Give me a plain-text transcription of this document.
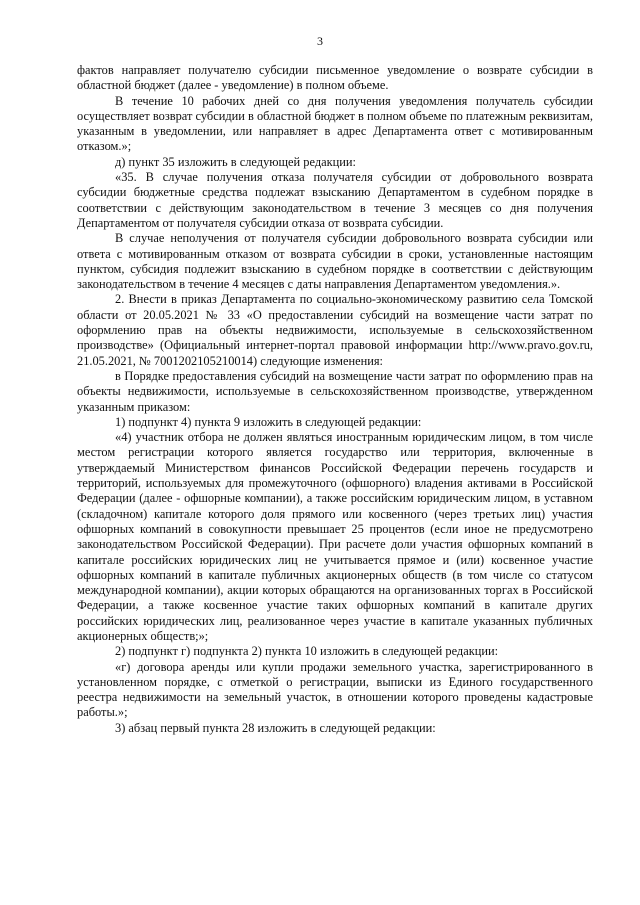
3

фактов направляет получателю субсидии письменное уведомление о возврате субсидии в областной бюджет (далее - уведомление) в полном объеме.

В течение 10 рабочих дней со дня получения уведомления получатель субсидии осуществляет возврат субсидии в областной бюджет в полном объеме по платежным реквизитам, указанным в уведомлении, или направляет в адрес Департамента ответ с мотивированным отказом.»;

д) пункт 35 изложить в следующей редакции:

«35. В случае получения отказа получателя субсидии от добровольного возврата субсидии бюджетные средства подлежат взысканию Департаментом в судебном порядке в соответствии с действующим законодательством в течение 3 месяцев со дня получения Департаментом от получателя субсидии отказа от возврата субсидии.

В случае неполучения от получателя субсидии добровольного возврата субсидии или ответа с мотивированным отказом от возврата субсидии в сроки, установленные настоящим пунктом, субсидия подлежит взысканию в судебном порядке в соответствии с действующим законодательством в течение 4 месяцев с даты направления Департаментом уведомления.».

2. Внести в приказ Департамента по социально-экономическому развитию села Томской области от 20.05.2021 № 33 «О предоставлении субсидий на возмещение части затрат по оформлению прав на объекты недвижимости, используемые в сельскохозяйственном производстве» (Официальный интернет-портал правовой информации http://www.pravo.gov.ru, 21.05.2021, № 7001202105210014) следующие изменения:

в Порядке предоставления субсидий на возмещение части затрат по оформлению прав на объекты недвижимости, используемые в сельскохозяйственном производстве, утвержденном указанным приказом:

1) подпункт 4) пункта 9 изложить в следующей редакции:

«4) участник отбора не должен являться иностранным юридическим лицом, в том числе местом регистрации которого является государство или территория, включенные в утверждаемый Министерством финансов Российской Федерации перечень государств и территорий, используемых для промежуточного (офшорного) владения активами в Российской Федерации (далее - офшорные компании), а также российским юридическим лицом, в уставном (складочном) капитале которого доля прямого или косвенного (через третьих лиц) участия офшорных компаний в совокупности превышает 25 процентов (если иное не предусмотрено законодательством Российской Федерации). При расчете доли участия офшорных компаний в капитале российских юридических лиц не учитывается прямое и (или) косвенное участие офшорных компаний в капитале публичных акционерных обществ (в том числе со статусом международной компании), акции которых обращаются на организованных торгах в Российской Федерации, а также косвенное участие таких офшорных компаний в капитале других российских юридических лиц, реализованное через участие в капитале указанных публичных акционерных обществ;»;

2) подпункт г) подпункта 2) пункта 10 изложить в следующей редакции:

«г) договора аренды или купли продажи земельного участка, зарегистрированного в установленном порядке, с отметкой о регистрации, выписки из Единого государственного реестра недвижимости на земельный участок, в отношении которого проведены кадастровые работы.»;

3) абзац первый пункта 28 изложить в следующей редакции:
